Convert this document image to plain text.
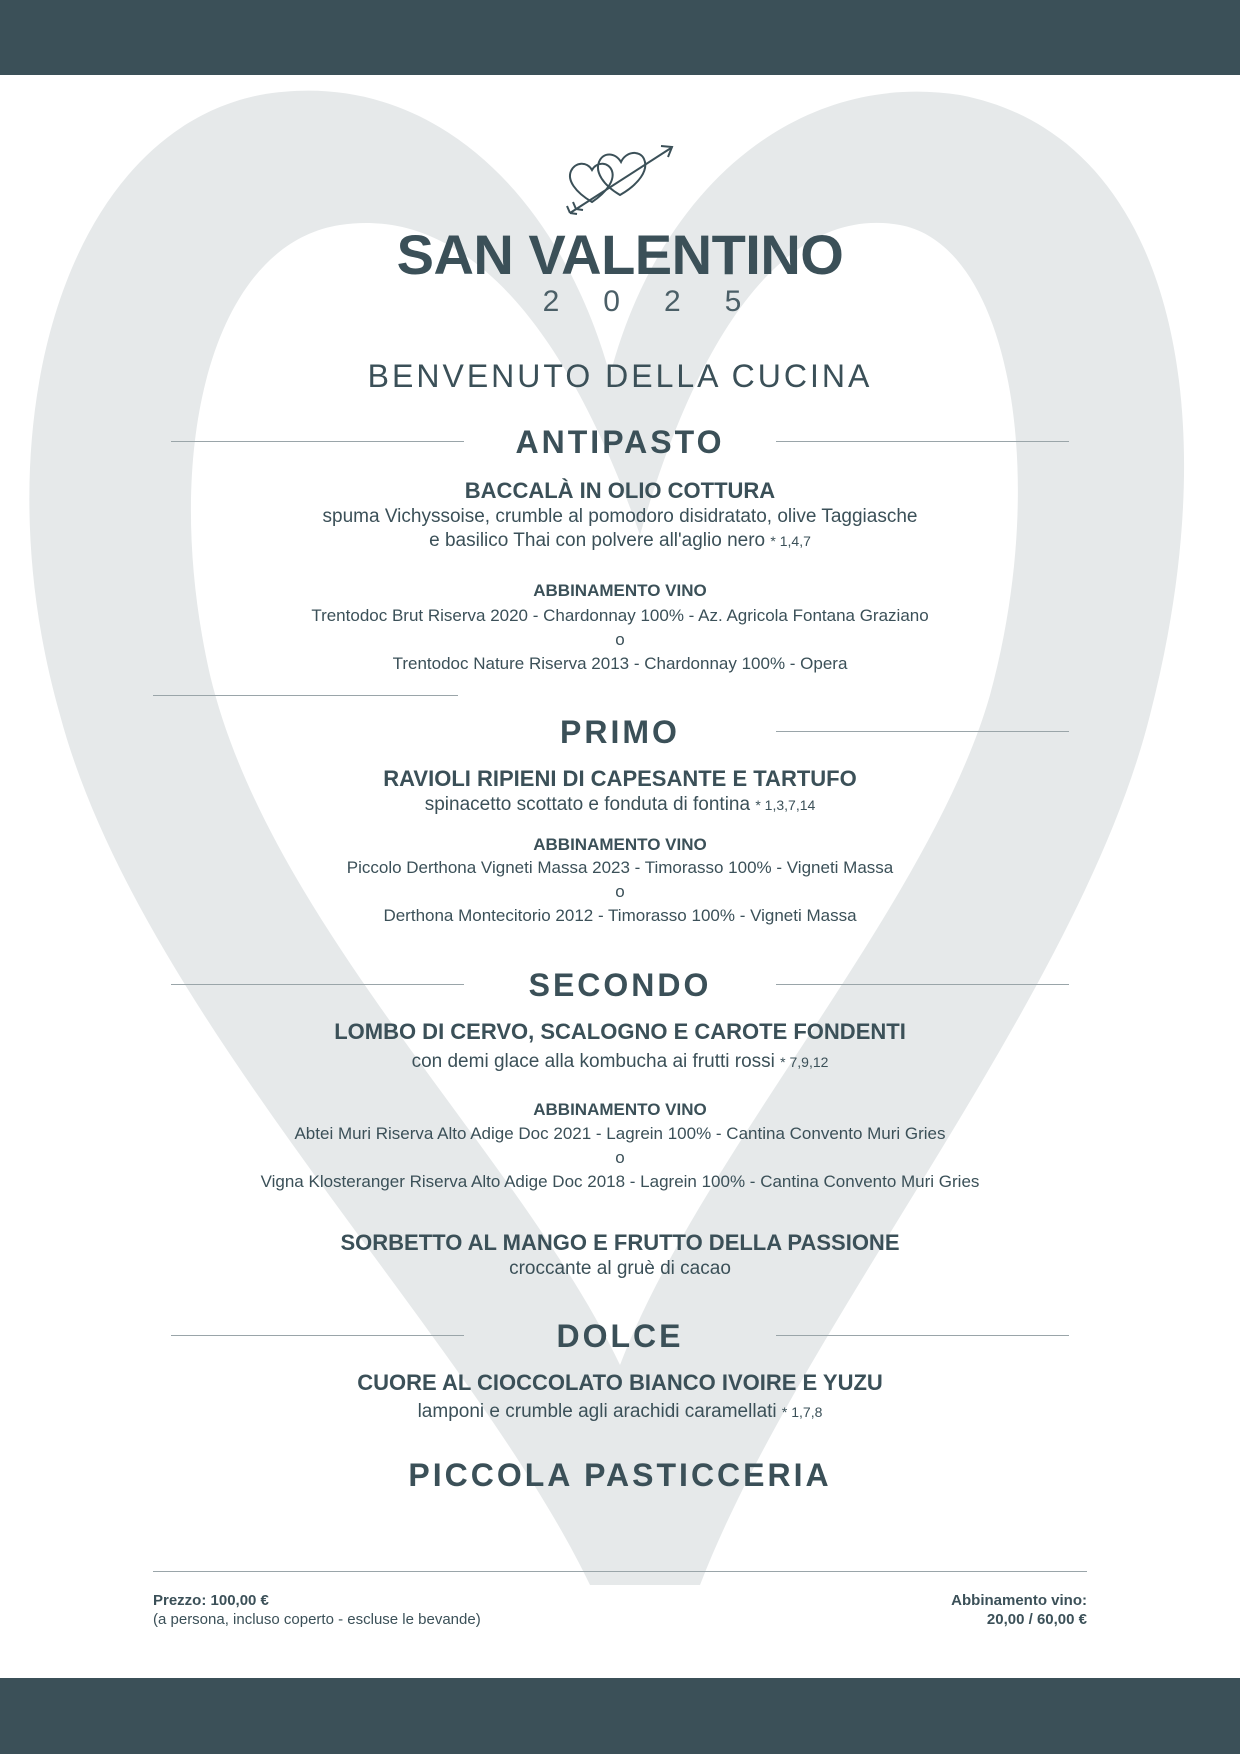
SAN VALENTINO
2025
BENVENUTO DELLA CUCINA
ANTIPASTO
BACCALÀ IN OLIO COTTURA
spuma Vichyssoise, crumble al pomodoro disidratato, olive Taggiasche
e basilico Thai con polvere all'aglio nero * 1,4,7
ABBINAMENTO VINO
Trentodoc Brut Riserva 2020 - Chardonnay 100% - Az. Agricola Fontana Graziano
o
Trentodoc Nature Riserva 2013 - Chardonnay 100% - Opera
PRIMO
RAVIOLI RIPIENI DI CAPESANTE E TARTUFO
spinacetto scottato e fonduta di fontina * 1,3,7,14
ABBINAMENTO VINO
Piccolo Derthona Vigneti Massa 2023 - Timorasso 100% - Vigneti Massa
o
Derthona Montecitorio 2012 - Timorasso 100% - Vigneti Massa
SECONDO
LOMBO DI CERVO, SCALOGNO E CAROTE FONDENTI
con demi glace alla kombucha ai frutti rossi * 7,9,12
ABBINAMENTO VINO
Abtei Muri Riserva Alto Adige Doc 2021 - Lagrein 100% - Cantina Convento Muri Gries
o
Vigna Klosteranger Riserva Alto Adige Doc 2018 - Lagrein 100% - Cantina Convento Muri Gries
SORBETTO AL MANGO E FRUTTO DELLA PASSIONE
croccante al gruè di cacao
DOLCE
CUORE AL CIOCCOLATO BIANCO IVOIRE E YUZU
lamponi e crumble agli arachidi caramellati * 1,7,8
PICCOLA PASTICCERIA
Prezzo: 100,00 €
(a persona, incluso coperto - escluse le bevande)
Abbinamento vino:
20,00 / 60,00 €
